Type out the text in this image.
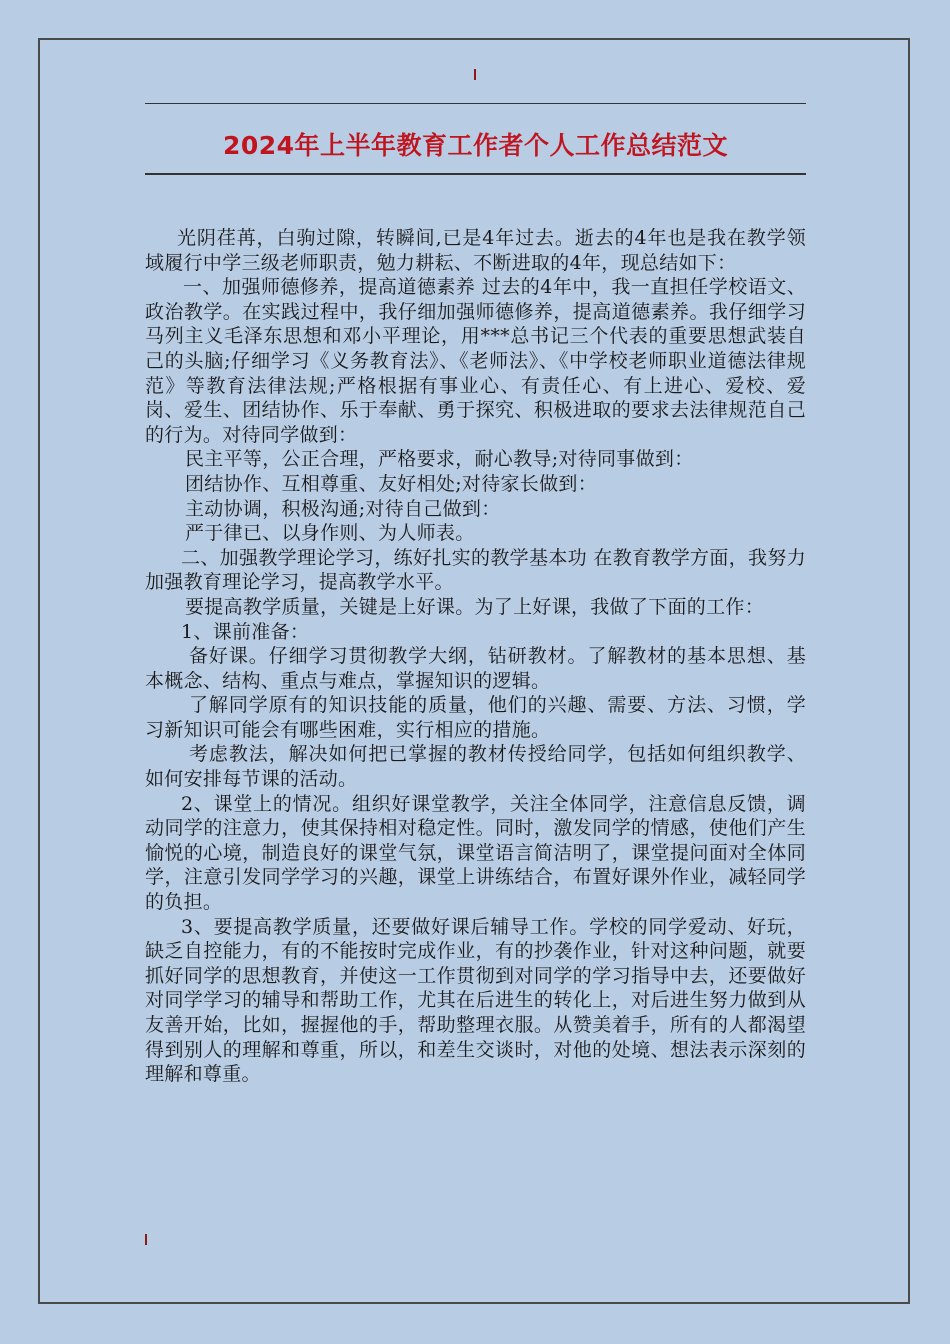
2024年上半年教育工作者个人工作总结范文

光阴荏苒，白驹过隙，转瞬间,已是4年过去。逝去的4年也是我在教学领域履行中学三级老师职责，勉力耕耘、不断进取的4年，现总结如下：

一、加强师德修养，提高道德素养 过去的4年中，我一直担任学校语文、政治教学。在实践过程中，我仔细加强师德修养，提高道德素养。我仔细学习马列主义毛泽东思想和邓小平理论，用***总书记三个代表的重要思想武装自己的头脑;仔细学习《义务教育法》、《老师法》、《中学校老师职业道德法律规范》等教育法律法规;严格根据有事业心、有责任心、有上进心、爱校、爱岗、爱生、团结协作、乐于奉献、勇于探究、积极进取的要求去法律规范自己的行为。对待同学做到：

民主平等，公正合理，严格要求，耐心教导;对待同事做到：

团结协作、互相尊重、友好相处;对待家长做到：

主动协调，积极沟通;对待自己做到：

严于律已、以身作则、为人师表。

二、加强教学理论学习，练好扎实的教学基本功 在教育教学方面，我努力加强教育理论学习，提高教学水平。

要提高教学质量，关键是上好课。为了上好课，我做了下面的工作：

1、课前准备：

备好课。仔细学习贯彻教学大纲，钻研教材。了解教材的基本思想、基本概念、结构、重点与难点，掌握知识的逻辑。

了解同学原有的知识技能的质量，他们的兴趣、需要、方法、习惯，学习新知识可能会有哪些困难，实行相应的措施。

考虑教法，解决如何把已掌握的教材传授给同学，包括如何组织教学、如何安排每节课的活动。

2、课堂上的情况。组织好课堂教学，关注全体同学，注意信息反馈，调动同学的注意力，使其保持相对稳定性。同时，激发同学的情感，使他们产生愉悦的心境，制造良好的课堂气氛，课堂语言简洁明了，课堂提问面对全体同学，注意引发同学学习的兴趣，课堂上讲练结合，布置好课外作业，减轻同学的负担。

3、要提高教学质量，还要做好课后辅导工作。学校的同学爱动、好玩，缺乏自控能力，有的不能按时完成作业，有的抄袭作业，针对这种问题，就要抓好同学的思想教育，并使这一工作贯彻到对同学的学习指导中去，还要做好对同学学习的辅导和帮助工作，尤其在后进生的转化上，对后进生努力做到从友善开始，比如，握握他的手，帮助整理衣服。从赞美着手，所有的人都渴望得到别人的理解和尊重，所以，和差生交谈时，对他的处境、想法表示深刻的理解和尊重。
